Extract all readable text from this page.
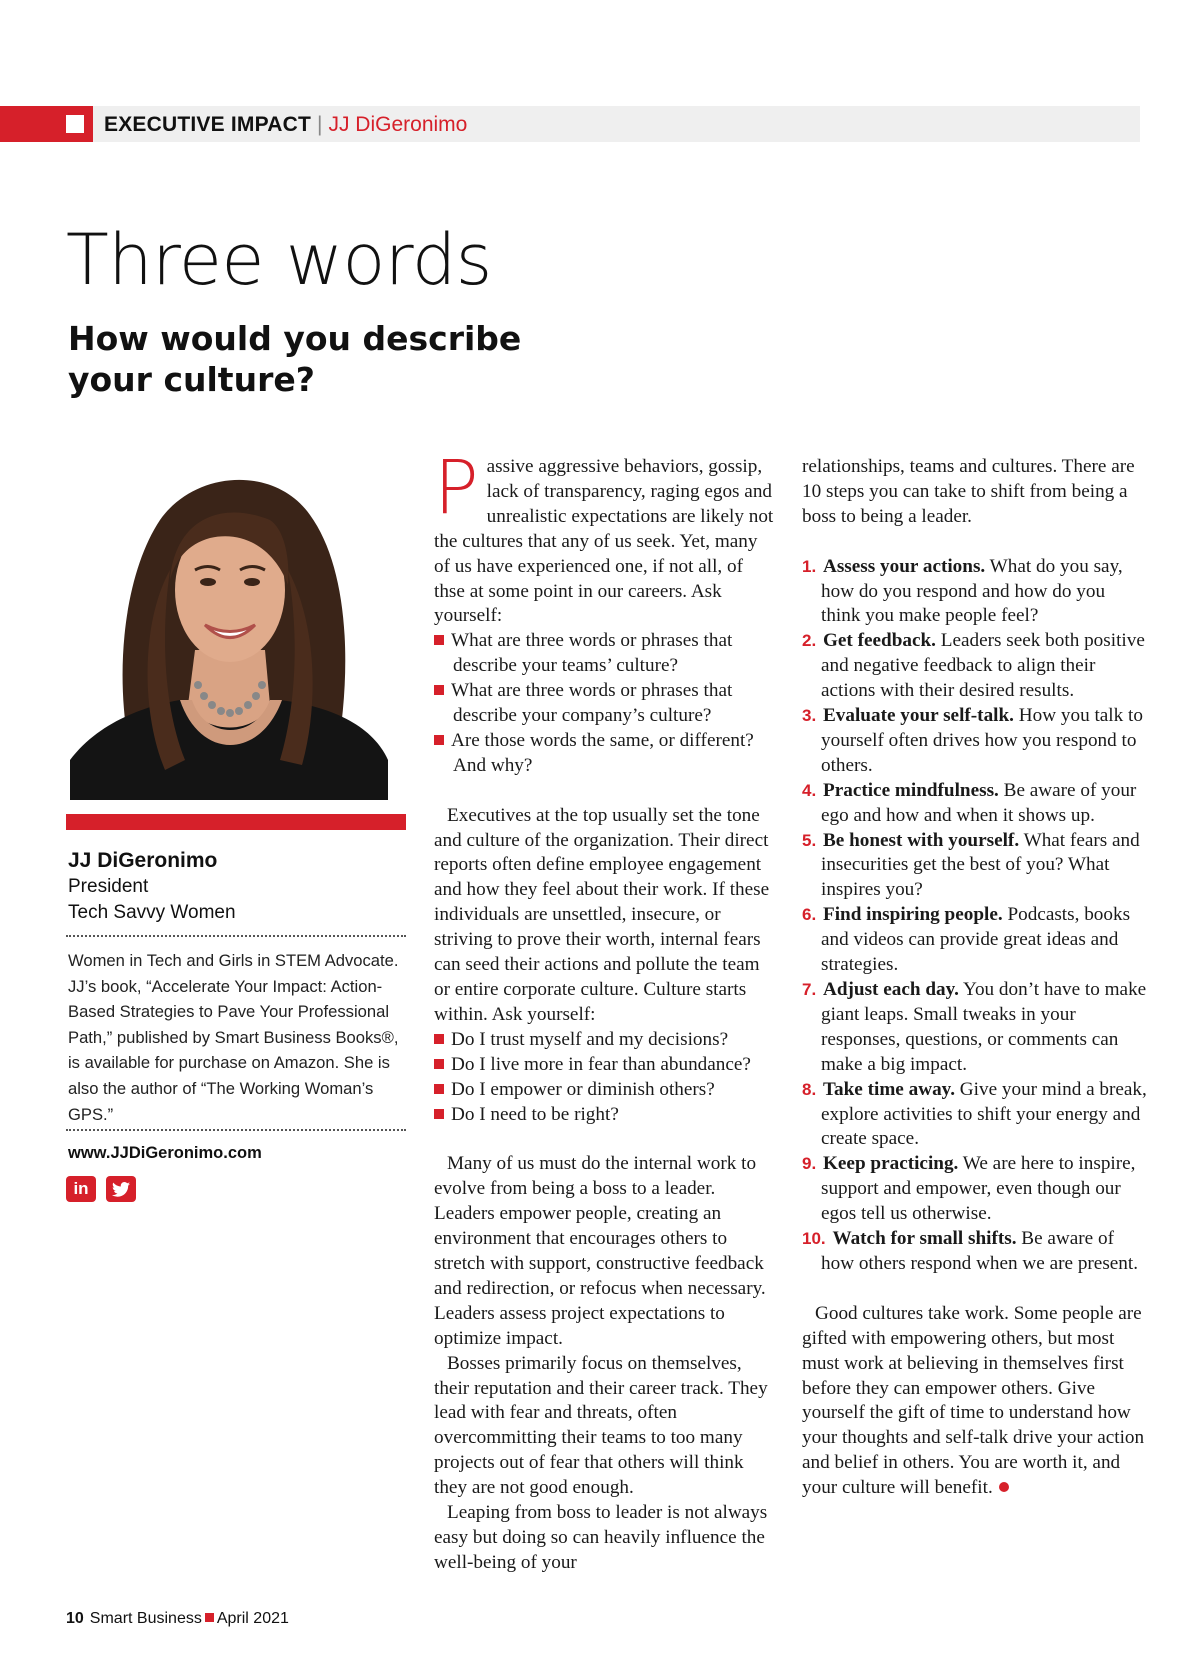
EXECUTIVE IMPACT | JJ DiGeronimo
Three words
How would you describe your culture?
JJ DiGeronimo
President
Tech Savvy Women
Women in Tech and Girls in STEM Advocate. JJ’s book, “Accelerate Your Impact: Action-Based Strategies to Pave Your Professional Path,” published by Smart Business Books®, is available for purchase on Amazon. She is also the author of “The Working Woman’s GPS.”
www.JJDiGeronimo.com
in

Passive aggressive behaviors, gossip, lack of transparency, raging egos and unrealistic expectations are likely not the cultures that any of us seek. Yet, many of us have experienced one, if not all, of thse at some point in our careers. Ask yourself:

What are three words or phrases that describe your teams’ culture?

What are three words or phrases that describe your company’s culture?

Are those words the same, or different? And why?

Executives at the top usually set the tone and culture of the organization. Their direct reports often define employee engagement and how they feel about their work. If these individuals are unsettled, insecure, or striving to prove their worth, internal fears can seed their actions and pollute the team or entire corporate culture. Culture starts within. Ask yourself:

Do I trust myself and my decisions?

Do I live more in fear than abundance?

Do I empower or diminish others?

Do I need to be right?

Many of us must do the internal work to evolve from being a boss to a leader. Leaders empower people, creating an environment that encourages others to stretch with support, constructive feedback and redirection, or refocus when necessary. Leaders assess project expectations to optimize impact.

Bosses primarily focus on themselves, their reputation and their career track. They lead with fear and threats, often overcommitting their teams to too many projects out of fear that others will think they are not good enough.

Leaping from boss to leader is not always easy but doing so can heavily influence the well-being of your

relationships, teams and cultures. There are 10 steps you can take to shift from being a boss to being a leader.

1. Assess your actions. What do you say, how do you respond and how do you think you make people feel?

2. Get feedback. Leaders seek both positive and negative feedback to align their actions with their desired results.

3. Evaluate your self-talk. How you talk to yourself often drives how you respond to others.

4. Practice mindfulness. Be aware of your ego and how and when it shows up.

5. Be honest with yourself. What fears and insecurities get the best of you? What inspires you?

6. Find inspiring people. Podcasts, books and videos can provide great ideas and strategies.

7. Adjust each day. You don’t have to make giant leaps. Small tweaks in your responses, questions, or comments can make a big impact.

8. Take time away. Give your mind a break, explore activities to shift your energy and create space.

9. Keep practicing. We are here to inspire, support and empower, even though our egos tell us otherwise.

10. Watch for small shifts. Be aware of how others respond when we are present.

Good cultures take work. Some people are gifted with empowering others, but most must work at believing in themselves first before they can empower others. Give yourself the gift of time to understand how your thoughts and self-talk drive your action and belief in others. You are worth it, and your culture will benefit.

10 Smart Business April 2021
